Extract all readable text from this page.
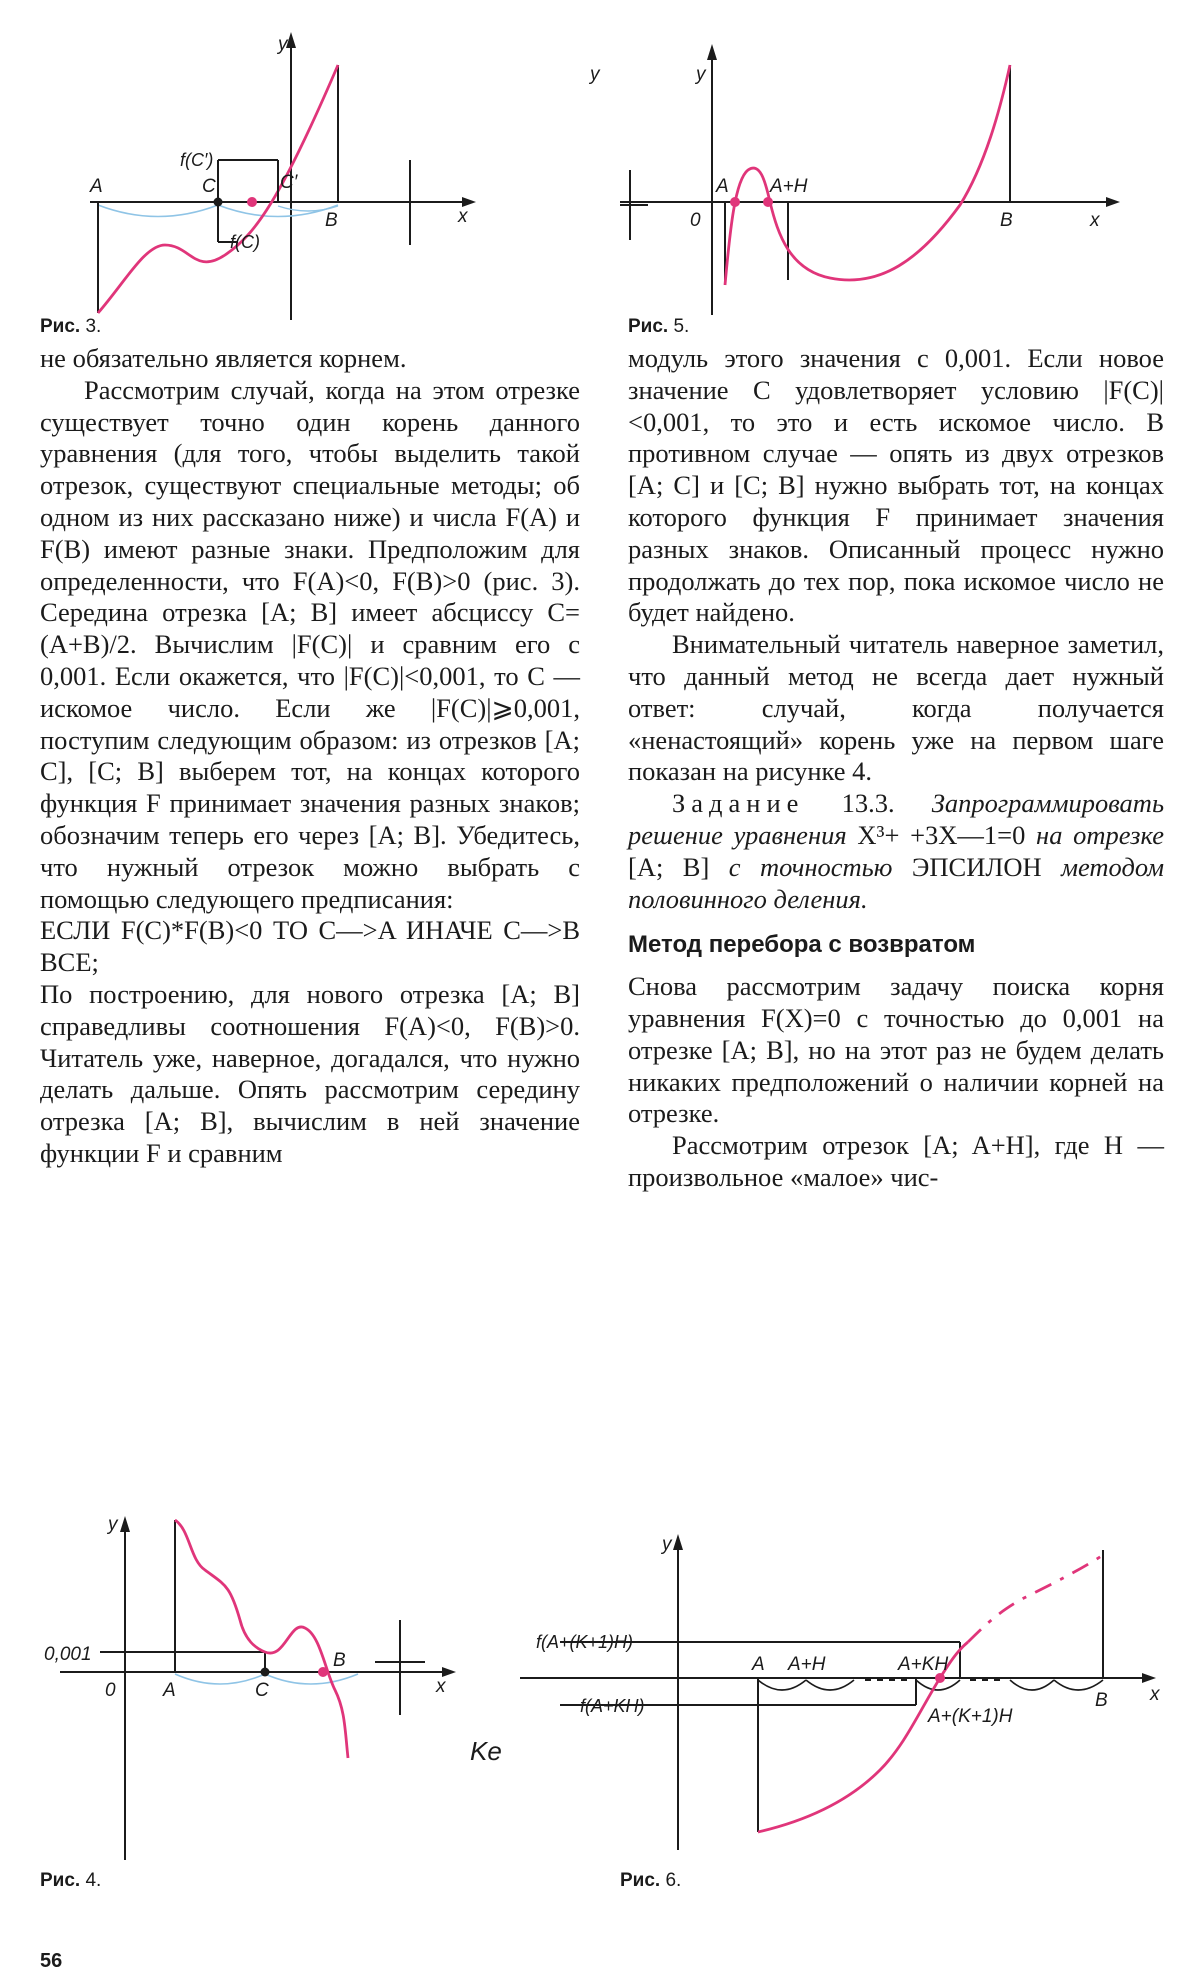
y
x
A
B
C	C′
f(C′)
f(C)
Рис. 3.
y	y
x
A A+H
B
0
Рис. 5.

не обязательно является корнем.

Рассмотрим случай, когда на этом отрезке существует точно один корень данного уравнения (для того, чтобы выделить такой отрезок, существуют специальные методы; об одном из них рассказано ниже) и числа F(A) и F(B) имеют разные знаки. Предположим для определенности, что F(A)<0, F(B)>0 (рис. 3). Середина отрезка [A; B] имеет абсциссу C=(A+B)/2. Вычислим |F(C)| и сравним его с 0,001. Если окажется, что |F(C)|<0,001, то C — искомое число. Если же |F(C)|⩾0,001, поступим следующим образом: из отрезков [A; C], [C; B] выберем тот, на концах которого функция F принимает значения разных знаков; обозначим теперь его через [A; B]. Убедитесь, что нужный отрезок можно выбрать с помощью следующего предписания:

ЕСЛИ F(C)*F(B)<0 ТО C—>A ИНАЧЕ C—>B ВСЕ;

По построению, для нового отрезка [A; B] справедливы соотношения F(A)<0, F(B)>0. Читатель уже, наверное, догадался, что нужно делать дальше. Опять рассмотрим середину отрезка [A; B], вычислим в ней значение функции F и сравним

модуль этого значения с 0,001. Если новое значение C удовлетворяет условию |F(C)|<0,001, то это и есть искомое число. В противном случае — опять из двух отрезков [A; C] и [C; B] нужно выбрать тот, на концах которого функция F принимает значения разных знаков. Описанный процесс нужно продолжать до тех пор, пока искомое число не будет найдено.

Внимательный читатель наверное заметил, что данный метод не всегда дает нужный ответ: случай, когда получается «ненастоящий» корень уже на первом шаге показан на рисунке 4.

Задание 13.3. Запрограммировать решение уравнения X³+ +3X—1=0 на отрезке [A; B] с точностью ЭПСИЛОН методом половинного деления.

Метод перебора с возвратом

Снова рассмотрим задачу поиска корня уравнения F(X)=0 с точностью до 0,001 на отрезке [A; B], но на этот раз не будем делать никаких предположений о наличии корней на отрезке.

Рассмотрим отрезок [A; A+H], где H — произвольное «малое» чис-

y
x
A
B
C
0
0,001
Ke
Рис. 4.
y
x
A A+H	A+KH
A+(K+1)H
B
f(A+(K+1)H)
f(A+KH)
Рис. 6.
56
